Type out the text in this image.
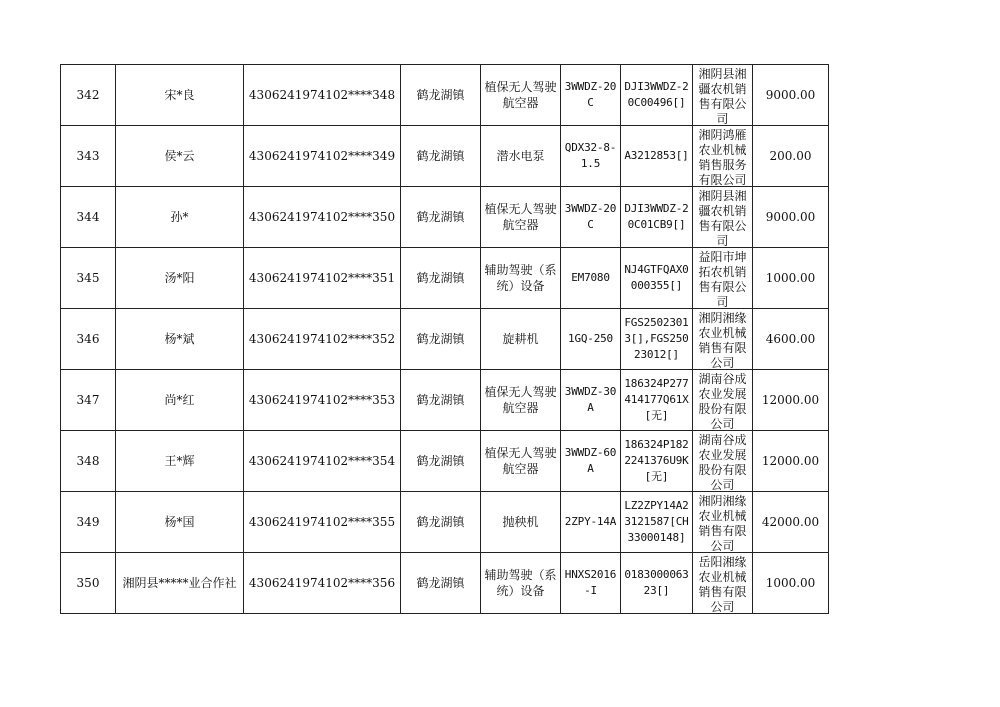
342	宋*良	4306241974102****348	鹤龙湖镇	植保无人驾驶航空器	3WWDZ-20C	DJI3WWDZ-20C00496[]	湘阴县湘疆农机销售有限公司	9000.00
343	侯*云	4306241974102****349	鹤龙湖镇	潜水电泵	QDX32-8-1.5	A3212853[]	湘阴鸿雁农业机械销售服务有限公司	200.00
344	孙*	4306241974102****350	鹤龙湖镇	植保无人驾驶航空器	3WWDZ-20C	DJI3WWDZ-20C01CB9[]	湘阴县湘疆农机销售有限公司	9000.00
345	汤*阳	4306241974102****351	鹤龙湖镇	辅助驾驶（系统）设备	EM7080	NJ4GTFQAX0000355[]	益阳市坤拓农机销售有限公司	1000.00
346	杨*斌	4306241974102****352	鹤龙湖镇	旋耕机	1GQ-250	FGS25023013[],FGS25023012[]	湘阴湘缘农业机械销售有限公司	4600.00
347	尚*红	4306241974102****353	鹤龙湖镇	植保无人驾驶航空器	3WWDZ-30A	186324P277414177Q61X[无]	湖南谷成农业发展股份有限公司	12000.00
348	王*辉	4306241974102****354	鹤龙湖镇	植保无人驾驶航空器	3WWDZ-60A	186324P1822241376U9K[无]	湖南谷成农业发展股份有限公司	12000.00
349	杨*国	4306241974102****355	鹤龙湖镇	抛秧机	2ZPY-14A	LZ2ZPY14A23121587[CH33000148]	湘阴湘缘农业机械销售有限公司	42000.00
350	湘阴县*****业合作社	4306241974102****356	鹤龙湖镇	辅助驾驶（系统）设备	HNXS2016-I	018300006323[]	岳阳湘缘农业机械销售有限公司	1000.00
